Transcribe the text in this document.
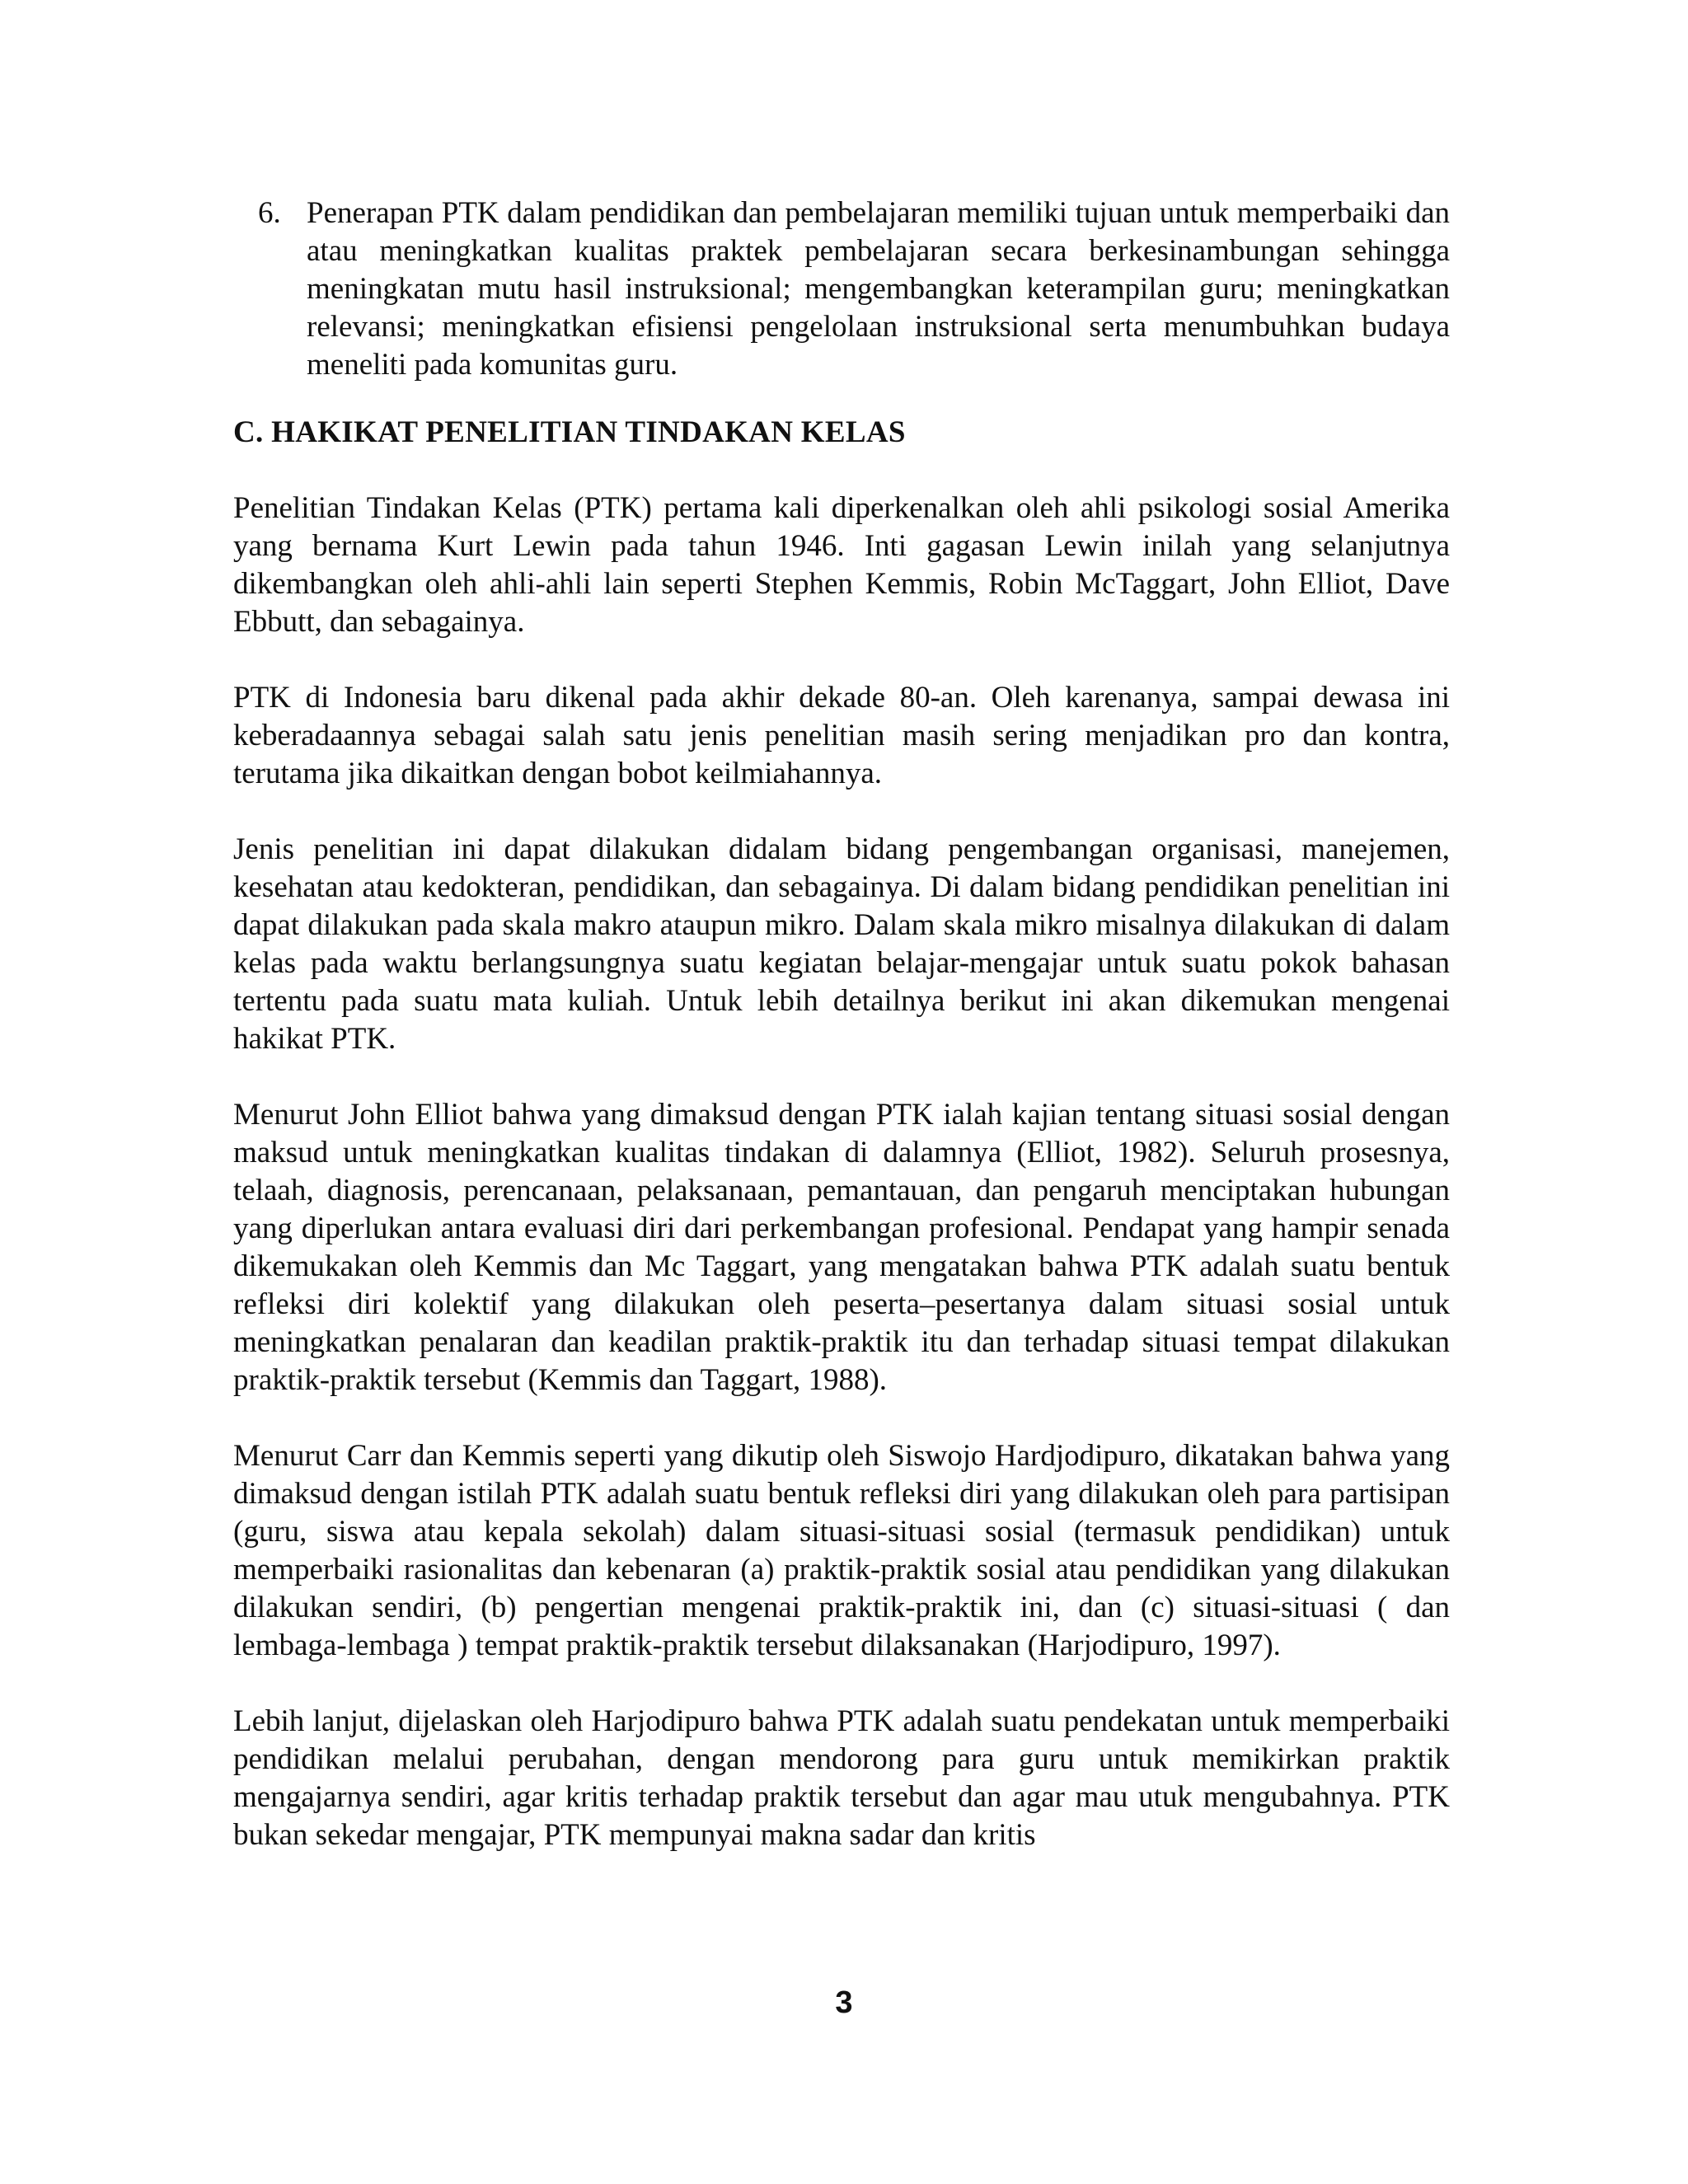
6. Penerapan PTK dalam pendidikan dan pembelajaran memiliki tujuan untuk memperbaiki dan atau meningkatkan kualitas praktek pembelajaran secara berkesinambungan sehingga meningkatan mutu hasil instruksional; mengembangkan keterampilan guru; meningkatkan relevansi; meningkatkan efisiensi pengelolaan instruksional serta menumbuhkan budaya meneliti pada komunitas guru.
C. HAKIKAT PENELITIAN TINDAKAN KELAS

Penelitian Tindakan Kelas (PTK) pertama kali diperkenalkan oleh ahli psikologi sosial Amerika yang bernama Kurt Lewin pada tahun 1946. Inti gagasan Lewin inilah yang selanjutnya dikembangkan oleh ahli-ahli lain seperti Stephen Kemmis, Robin McTaggart, John Elliot, Dave Ebbutt, dan sebagainya.

PTK di Indonesia baru dikenal pada akhir dekade 80-an. Oleh karenanya, sampai dewasa ini keberadaannya sebagai salah satu jenis penelitian masih sering menjadikan pro dan kontra, terutama jika dikaitkan dengan bobot keilmiahannya.

Jenis penelitian ini dapat dilakukan didalam bidang pengembangan organisasi, manejemen, kesehatan atau kedokteran, pendidikan, dan sebagainya. Di dalam bidang pendidikan penelitian ini dapat dilakukan pada skala makro ataupun mikro. Dalam skala mikro misalnya dilakukan di dalam kelas pada waktu berlangsungnya suatu kegiatan belajar-mengajar untuk suatu pokok bahasan tertentu pada suatu mata kuliah. Untuk lebih detailnya berikut ini akan dikemukan mengenai hakikat PTK.

Menurut John Elliot bahwa yang dimaksud dengan PTK ialah kajian tentang situasi sosial dengan maksud untuk meningkatkan kualitas tindakan di dalamnya (Elliot, 1982). Seluruh prosesnya, telaah, diagnosis, perencanaan, pelaksanaan, pemantauan, dan pengaruh menciptakan hubungan yang diperlukan antara evaluasi diri dari perkembangan profesional. Pendapat yang hampir senada dikemukakan oleh Kemmis dan Mc Taggart, yang mengatakan bahwa PTK adalah suatu bentuk refleksi diri kolektif yang dilakukan oleh peserta–pesertanya dalam situasi sosial untuk meningkatkan penalaran dan keadilan praktik-praktik itu dan terhadap situasi tempat dilakukan praktik-praktik tersebut (Kemmis dan Taggart, 1988).

Menurut Carr dan Kemmis seperti yang dikutip oleh Siswojo Hardjodipuro, dikatakan bahwa yang dimaksud dengan istilah PTK adalah suatu bentuk refleksi diri yang dilakukan oleh para partisipan (guru, siswa atau kepala sekolah) dalam situasi-situasi sosial (termasuk pendidikan) untuk memperbaiki rasionalitas dan kebenaran (a) praktik-praktik sosial atau pendidikan yang dilakukan dilakukan sendiri, (b) pengertian mengenai praktik-praktik ini, dan (c) situasi-situasi ( dan lembaga-lembaga ) tempat praktik-praktik tersebut dilaksanakan (Harjodipuro, 1997).

Lebih lanjut, dijelaskan oleh Harjodipuro bahwa PTK adalah suatu pendekatan untuk memperbaiki pendidikan melalui perubahan, dengan mendorong para guru untuk memikirkan praktik mengajarnya sendiri, agar kritis terhadap praktik tersebut dan agar mau utuk mengubahnya. PTK bukan sekedar mengajar, PTK mempunyai makna sadar dan kritis

3
